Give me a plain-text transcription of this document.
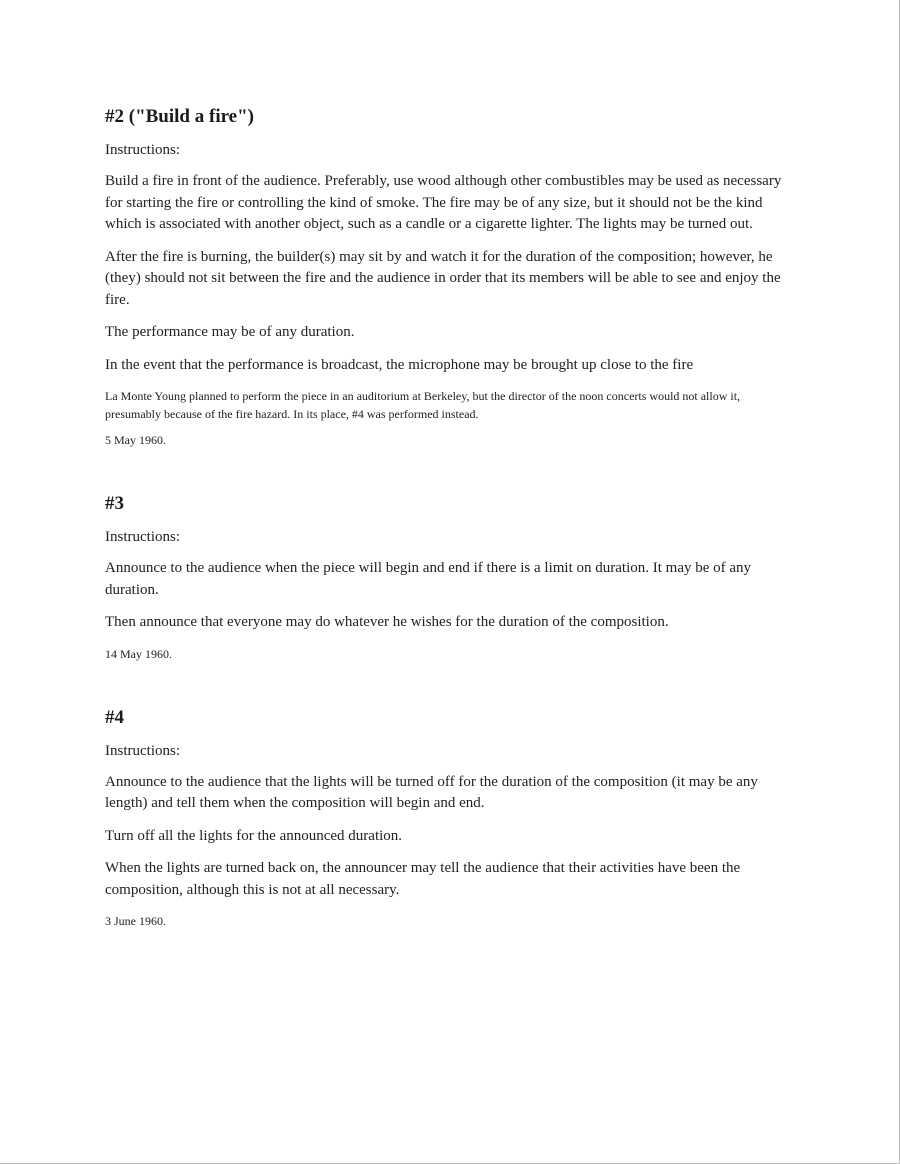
#2 ("Build a fire")

Instructions:

Build a fire in front of the audience. Preferably, use wood although other combustibles may be used as necessary for starting the fire or controlling the kind of smoke. The fire may be of any size, but it should not be the kind which is associated with another object, such as a candle or a cigarette lighter. The lights may be turned out.

After the fire is burning, the builder(s) may sit by and watch it for the duration of the composition; however, he (they) should not sit between the fire and the audience in order that its members will be able to see and enjoy the fire.

The performance may be of any duration.

In the event that the performance is broadcast, the microphone may be brought up close to the fire

La Monte Young planned to perform the piece in an auditorium at Berkeley, but the director of the noon concerts would not allow it, presumably because of the fire hazard. In its place, #4 was performed instead.

5 May 1960.

#3

Instructions:

Announce to the audience when the piece will begin and end if there is a limit on duration. It may be of any duration.

Then announce that everyone may do whatever he wishes for the duration of the composition.

14 May 1960.

#4

Instructions:

Announce to the audience that the lights will be turned off for the duration of the composition (it may be any length) and tell them when the composition will begin and end.

Turn off all the lights for the announced duration.

When the lights are turned back on, the announcer may tell the audience that their activities have been the composition, although this is not at all necessary.

3 June 1960.
